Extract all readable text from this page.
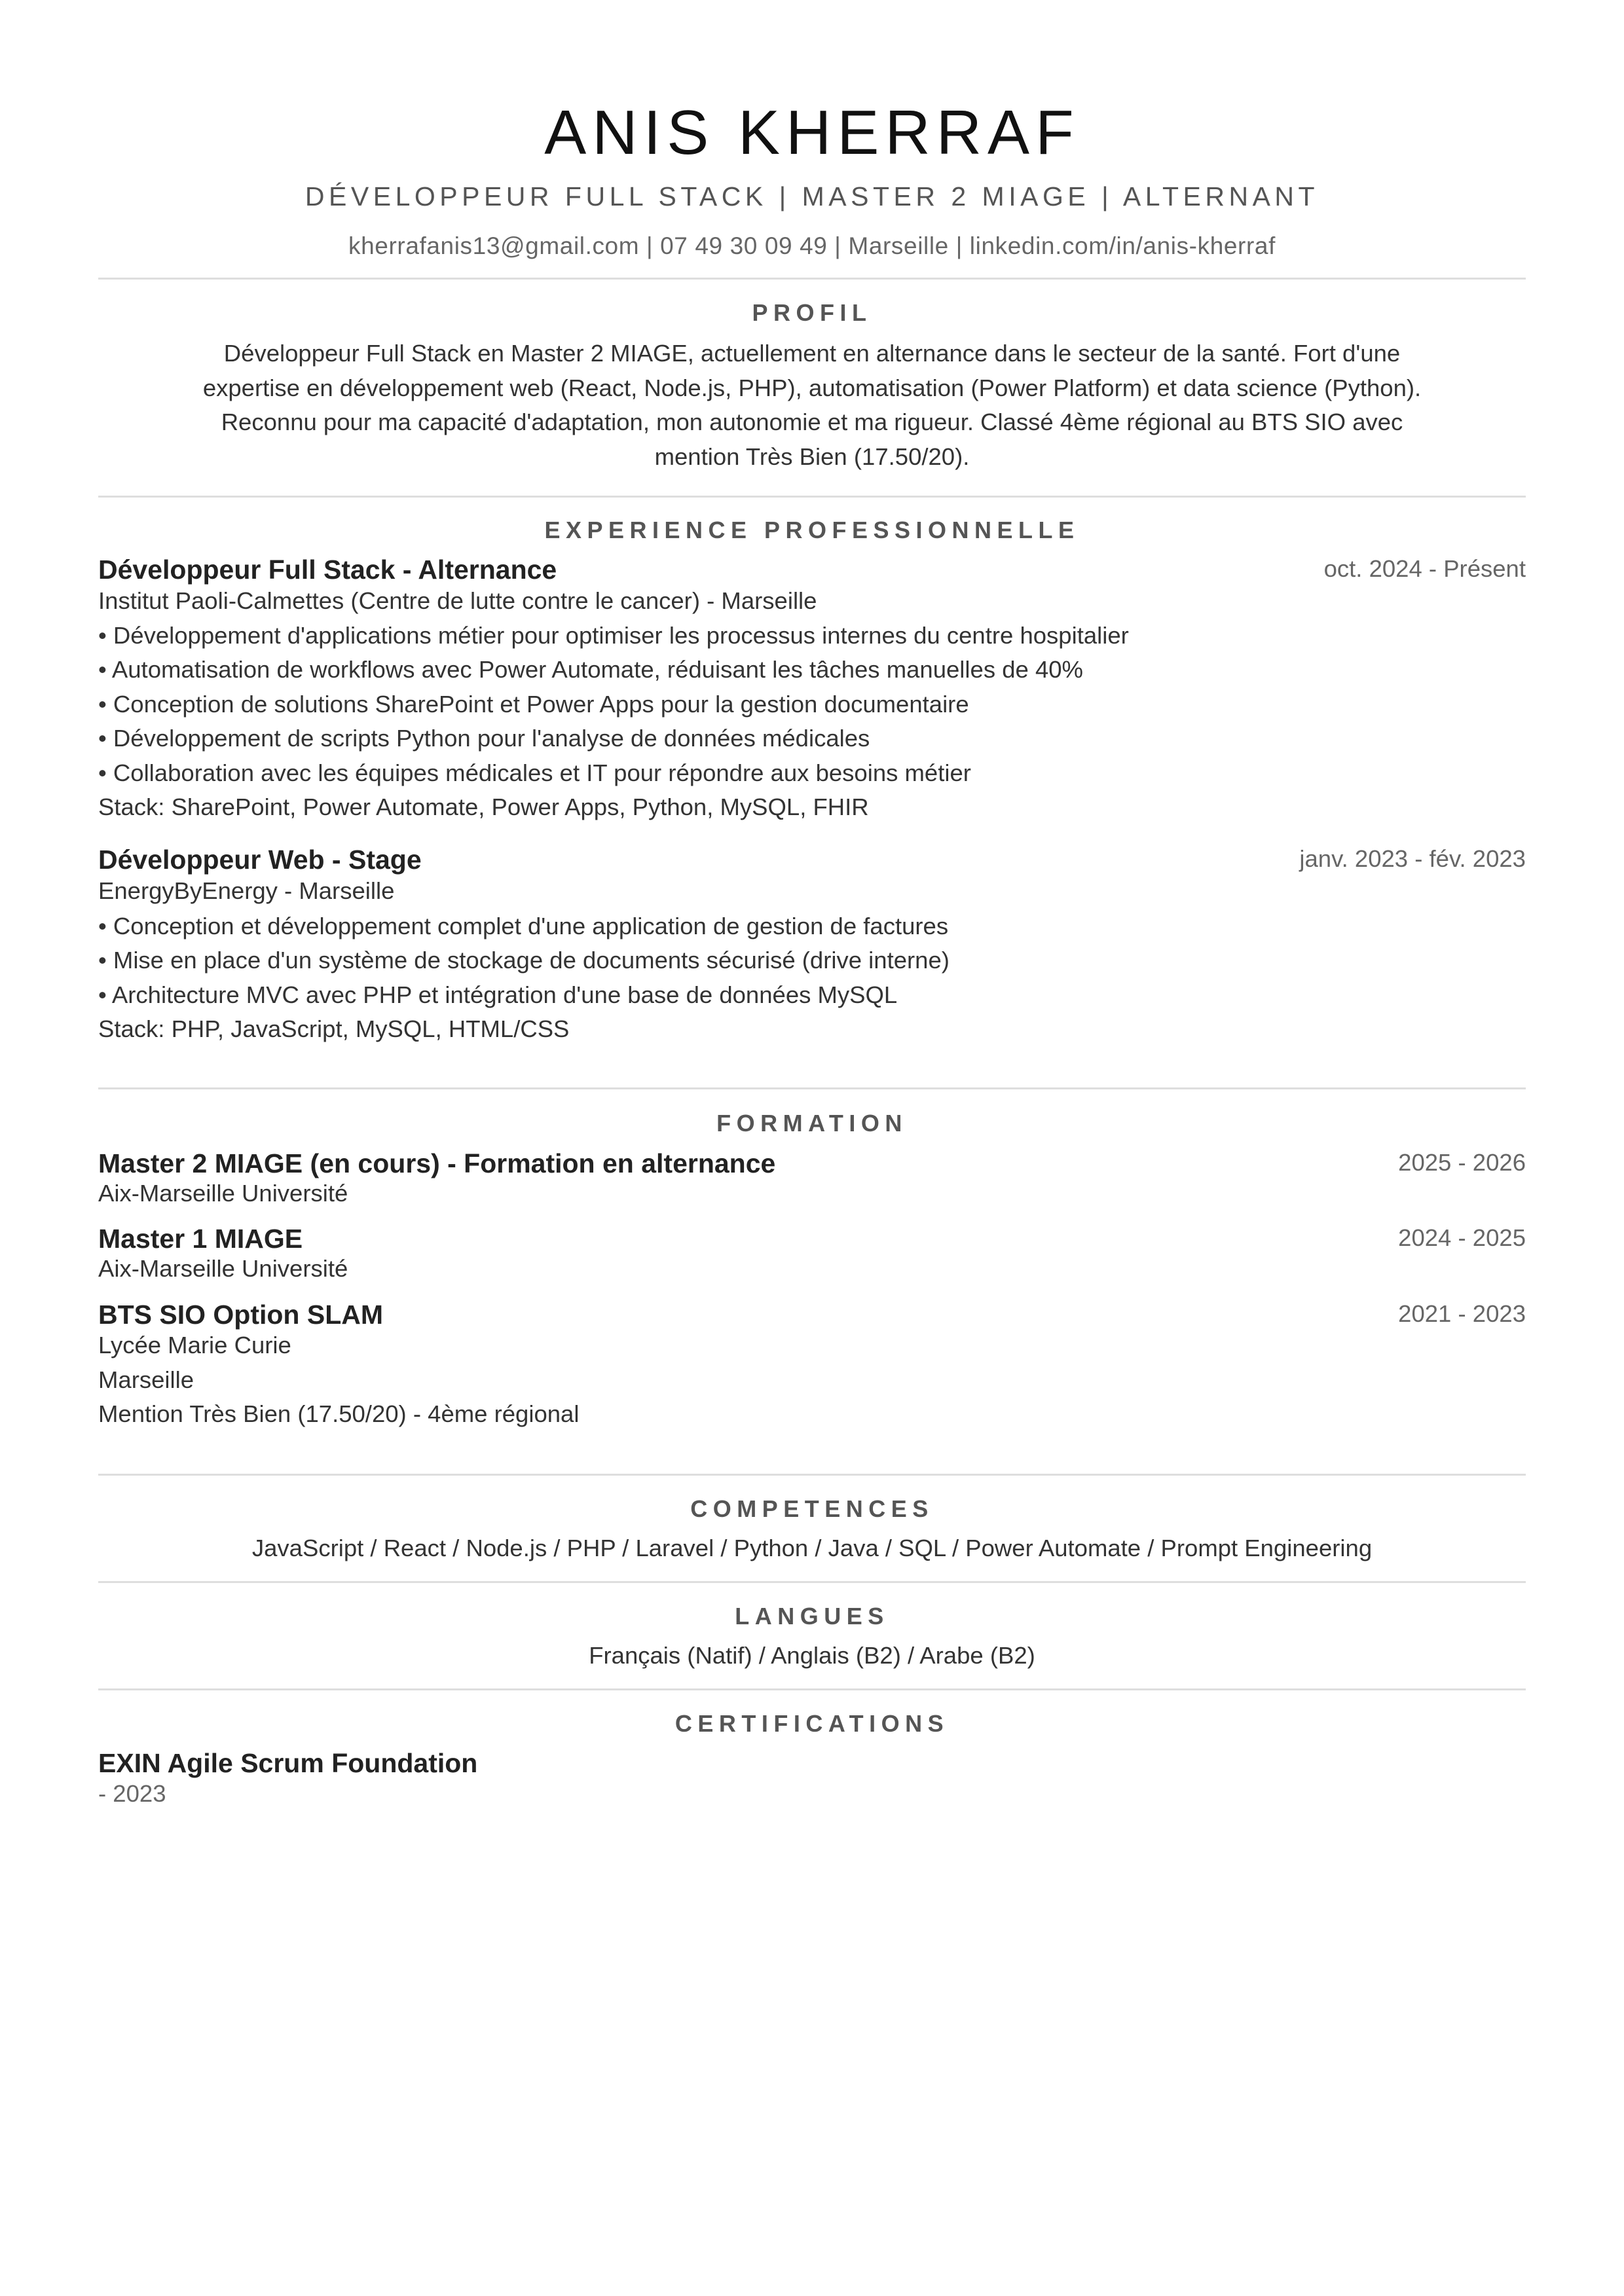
ANIS KHERRAF
DÉVELOPPEUR FULL STACK | MASTER 2 MIAGE | ALTERNANT
kherrafanis13@gmail.com | 07 49 30 09 49 | Marseille | linkedin.com/in/anis-kherraf
PROFIL
Développeur Full Stack en Master 2 MIAGE, actuellement en alternance dans le secteur de la santé. Fort d'une expertise en développement web (React, Node.js, PHP), automatisation (Power Platform) et data science (Python). Reconnu pour ma capacité d'adaptation, mon autonomie et ma rigueur. Classé 4ème régional au BTS SIO avec mention Très Bien (17.50/20).
EXPERIENCE PROFESSIONNELLE
Développeur Full Stack - Alternance	oct. 2024 - Présent
Institut Paoli-Calmettes (Centre de lutte contre le cancer) - Marseille
• Développement d'applications métier pour optimiser les processus internes du centre hospitalier
• Automatisation de workflows avec Power Automate, réduisant les tâches manuelles de 40%
• Conception de solutions SharePoint et Power Apps pour la gestion documentaire
• Développement de scripts Python pour l'analyse de données médicales
• Collaboration avec les équipes médicales et IT pour répondre aux besoins métier
Stack: SharePoint, Power Automate, Power Apps, Python, MySQL, FHIR
Développeur Web - Stage	janv. 2023 - fév. 2023
EnergyByEnergy - Marseille
• Conception et développement complet d'une application de gestion de factures
• Mise en place d'un système de stockage de documents sécurisé (drive interne)
• Architecture MVC avec PHP et intégration d'une base de données MySQL
Stack: PHP, JavaScript, MySQL, HTML/CSS
FORMATION
Master 2 MIAGE (en cours) - Formation en alternance	2025 - 2026
Aix-Marseille Université
Master 1 MIAGE	2024 - 2025
Aix-Marseille Université
BTS SIO Option SLAM	2021 - 2023
Lycée Marie Curie
Marseille
Mention Très Bien (17.50/20) - 4ème régional
COMPETENCES
JavaScript / React / Node.js / PHP / Laravel / Python / Java / SQL / Power Automate / Prompt Engineering
LANGUES
Français (Natif) / Anglais (B2) / Arabe (B2)
CERTIFICATIONS
EXIN Agile Scrum Foundation
- 2023
